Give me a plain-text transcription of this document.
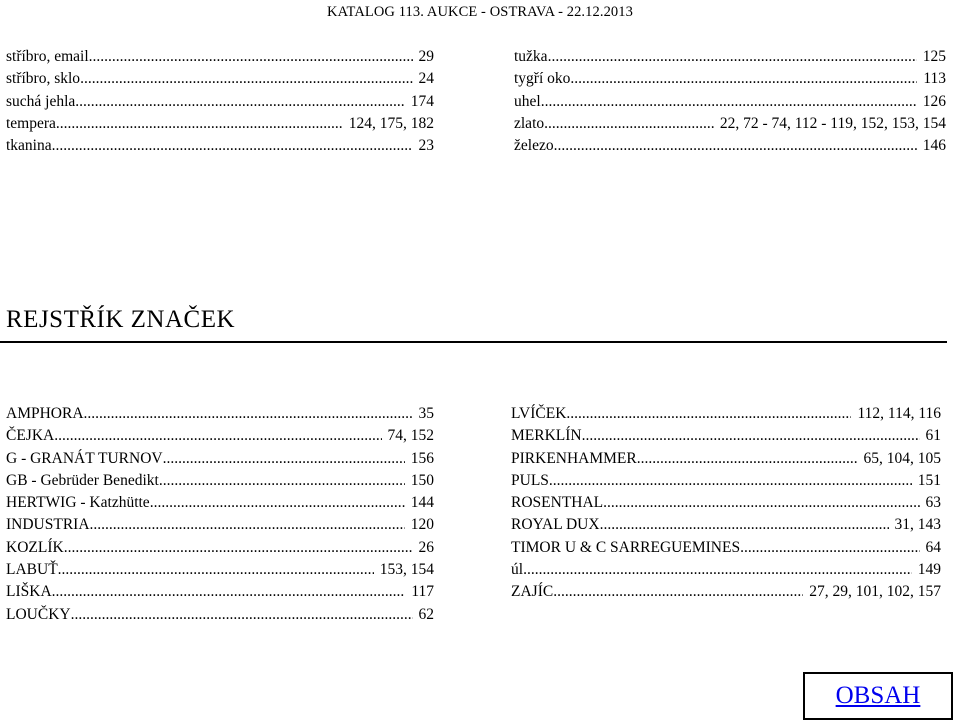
KATALOG 113. AUKCE - OSTRAVA - 22.12.2013
stříbro, email .....	29
stříbro, sklo .....	24
suchá jehla .....	174
tempera .....	124, 175, 182
tkanina .....	23
tužka .....	125
tygří oko .....	113
uhel .....	126
zlato .....	22, 72 - 74, 112 - 119, 152, 153, 154
železo .....	146
REJSTŘÍK ZNAČEK
AMPHORA .....	35
ČEJKA .....	74, 152
G - GRANÁT TURNOV .....	156
GB - Gebrüder Benedikt .....	150
HERTWIG - Katzhütte .....	144
INDUSTRIA .....	120
KOZLÍK .....	26
LABUŤ .....	153, 154
LIŠKA .....	117
LOUČKY .....	62
LVÍČEK .....	112, 114, 116
MERKLÍN .....	61
PIRKENHAMMER .....	65, 104, 105
PULS .....	151
ROSENTHAL .....	63
ROYAL DUX .....	31, 143
TIMOR U & C SARREGUEMINES .....	64
úl .....	149
ZAJÍC .....	27, 29, 101, 102, 157
OBSAH
